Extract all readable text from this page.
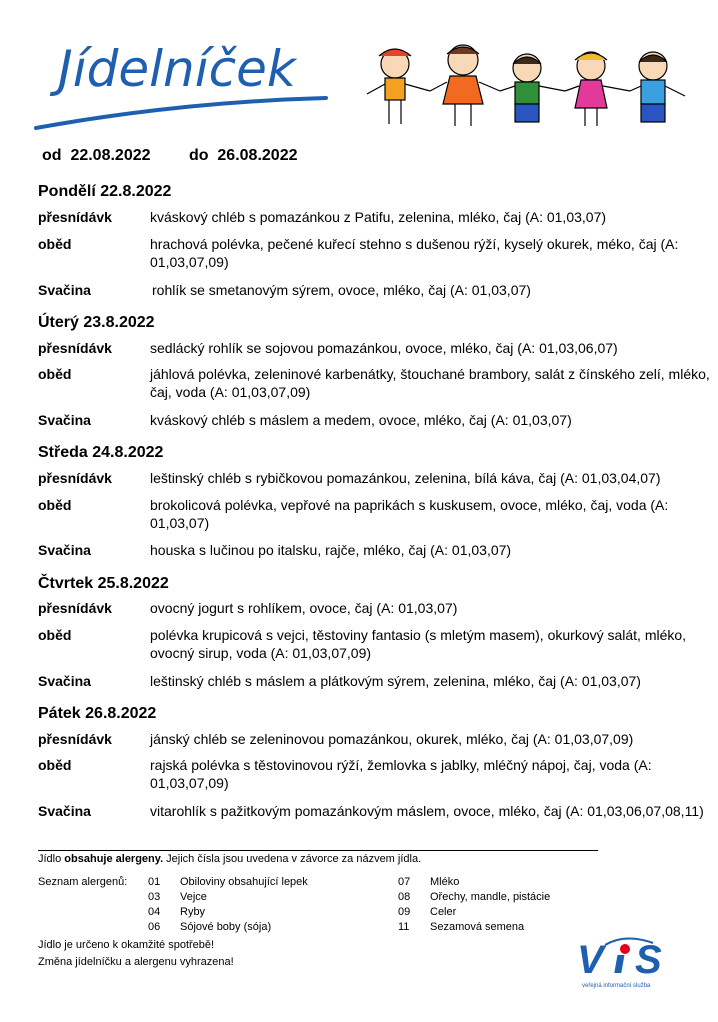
Jídelníček
od 22.08.2022 do 26.08.2022
Pondělí 22.8.2022
přesnídávk	kváskový chléb s pomazánkou z Patifu, zelenina, mléko, čaj (A: 01,03,07)
oběd	hrachová polévka, pečené kuřecí stehno s dušenou rýží, kyselý okurek, méko, čaj (A: 01,03,07,09)
Svačina	rohlík se smetanovým sýrem, ovoce, mléko, čaj (A: 01,03,07)
Úterý 23.8.2022
přesnídávk	sedlácký rohlík se sojovou pomazánkou, ovoce, mléko, čaj (A: 01,03,06,07)
oběd	jáhlová polévka, zeleninové karbenátky, štouchané brambory, salát z čínského zelí, mléko, čaj, voda (A: 01,03,07,09)
Svačina	kváskový chléb s máslem a medem, ovoce, mléko, čaj (A: 01,03,07)
Středa 24.8.2022
přesnídávk	leštinský chléb s rybičkovou pomazánkou, zelenina, bílá káva, čaj (A: 01,03,04,07)
oběd	brokolicová polévka, vepřové na paprikách s kuskusem, ovoce, mléko, čaj, voda (A: 01,03,07)
Svačina	houska s lučinou po italsku, rajče, mléko, čaj (A: 01,03,07)
Čtvrtek 25.8.2022
přesnídávk	ovocný jogurt s rohlíkem, ovoce, čaj (A: 01,03,07)
oběd	polévka krupicová s vejci, těstoviny fantasio (s mletým masem), okurkový salát, mléko, ovocný sirup, voda (A: 01,03,07,09)
Svačina	leštinský chléb s máslem a plátkovým sýrem, zelenina, mléko, čaj (A: 01,03,07)
Pátek 26.8.2022
přesnídávk	jánský chléb se zeleninovou pomazánkou, okurek, mléko, čaj (A: 01,03,07,09)
oběd	rajská polévka s těstovinovou rýží, žemlovka s jablky, mléčný nápoj, čaj, voda (A: 01,03,07,09)
Svačina	vitarohlík s pažitkovým pomazánkovým máslem, ovoce, mléko, čaj (A: 01,03,06,07,08,11)
Jídlo obsahuje alergeny. Jejich čísla jsou uvedena v závorce za názvem jídla.
Seznam alergenů: 01 Obiloviny obsahující lepek
03 Vejce
04 Ryby
06 Sójové boby (sója)
07 Mléko
08 Ořechy, mandle, pistácie
09 Celer
11 Sezamová semena
Jídlo je určeno k okamžité spotřebě!
Změna jídelníčku a alergenu vyhrazena!	V S
veřejná informační služba
